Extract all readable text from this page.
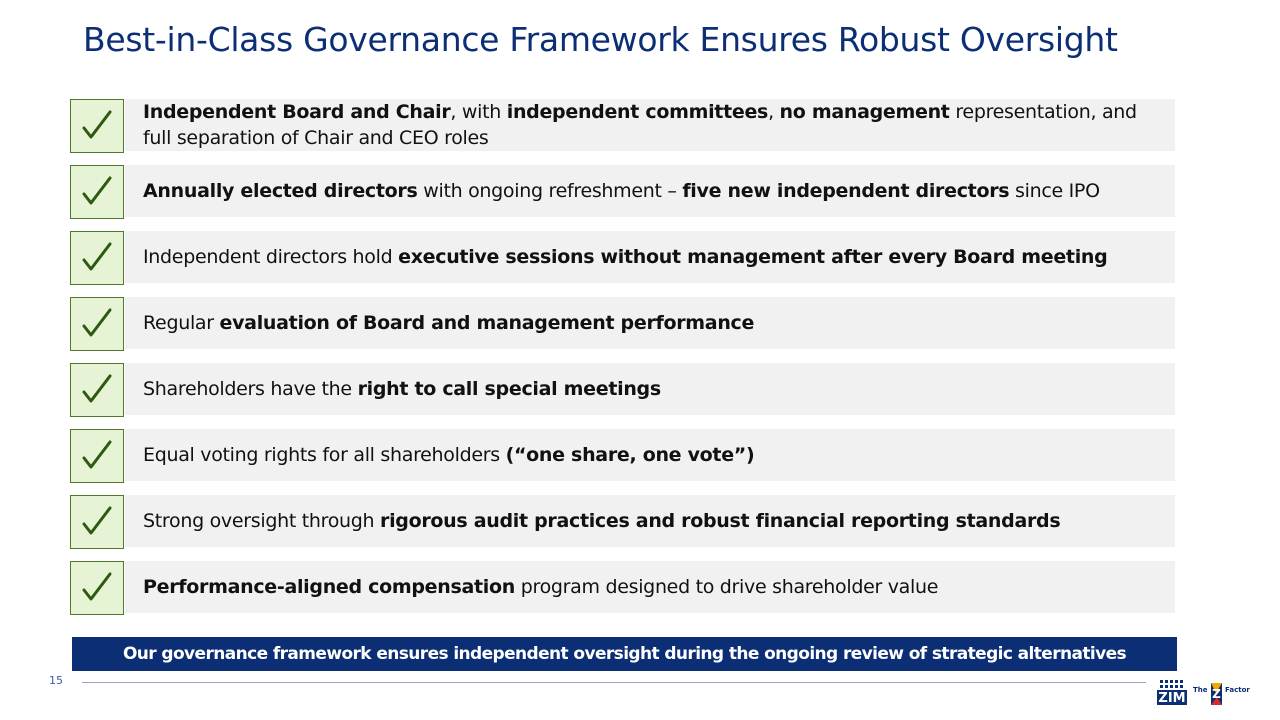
Best-in-Class Governance Framework Ensures Robust Oversight

Independent Board and Chair, with independent committees, no management representation, and full separation of Chair and CEO roles

Annually elected directors with ongoing refreshment – five new independent directors since IPO

Independent directors hold executive sessions without management after every Board meeting

Regular evaluation of Board and management performance

Shareholders have the right to call special meetings

Equal voting rights for all shareholders (“one share, one vote”)

Strong oversight through rigorous audit practices and robust financial reporting standards

Performance-aligned compensation program designed to drive shareholder value

Our governance framework ensures independent oversight during the ongoing review of strategic alternatives
15
ZIM
The Z Factor
